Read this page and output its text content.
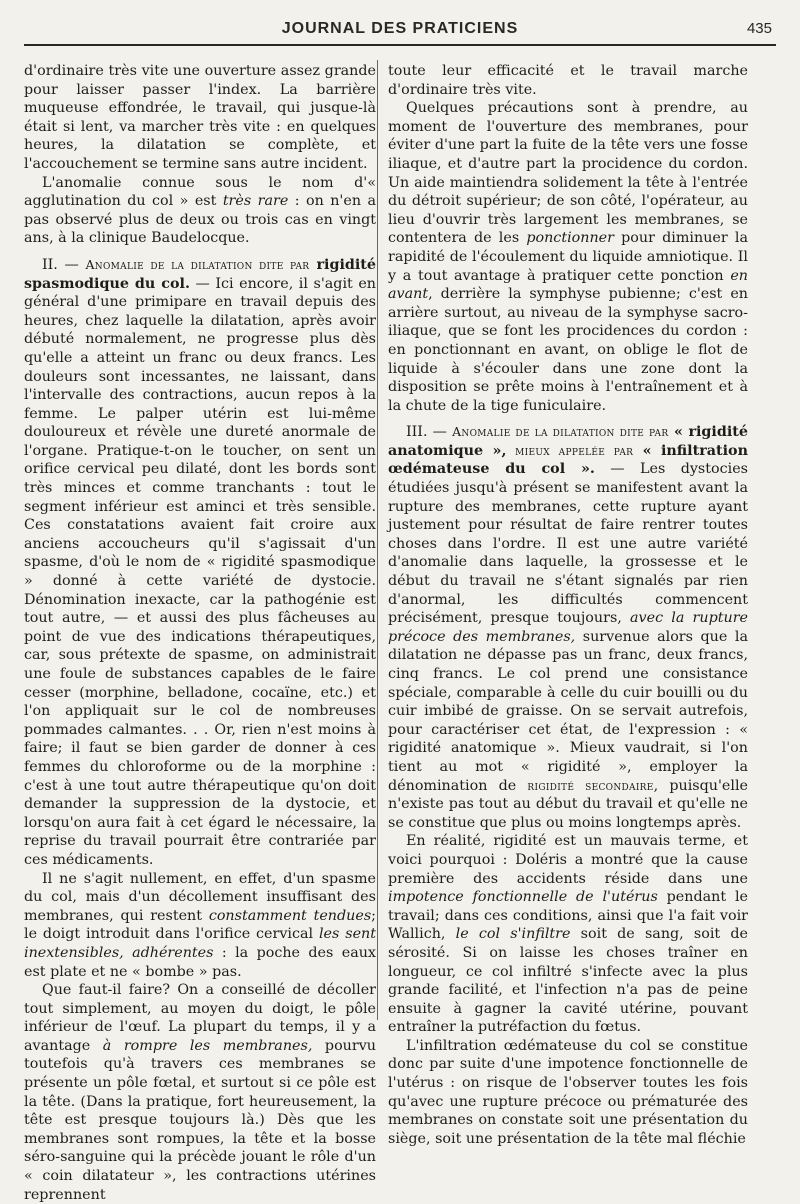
JOURNAL DES PRATICIENS	435

d'ordinaire très vite une ouverture assez grande pour laisser passer l'index. La barrière muqueuse effondrée, le travail, qui jusque-là était si lent, va marcher très vite : en quelques heures, la dilatation se complète, et l'accouchement se termine sans autre incident.

L'anomalie connue sous le nom d'« agglutination du col » est très rare : on n'en a pas observé plus de deux ou trois cas en vingt ans, à la clinique Baudelocque.

II. — Anomalie de la dilatation dite par rigidité spasmodique du col. — Ici encore, il s'agit en général d'une primipare en travail depuis des heures, chez laquelle la dilatation, après avoir débuté normalement, ne progresse plus dès qu'elle a atteint un franc ou deux francs. Les douleurs sont incessantes, ne laissant, dans l'intervalle des contractions, aucun repos à la femme. Le palper utérin est lui-même douloureux et révèle une dureté anormale de l'organe. Pratique-t-on le toucher, on sent un orifice cervical peu dilaté, dont les bords sont très minces et comme tranchants : tout le segment inférieur est aminci et très sensible. Ces constatations avaient fait croire aux anciens accoucheurs qu'il s'agissait d'un spasme, d'où le nom de « rigidité spasmodique » donné à cette variété de dystocie. Dénomination inexacte, car la pathogénie est tout autre, — et aussi des plus fâcheuses au point de vue des indications thérapeutiques, car, sous prétexte de spasme, on administrait une foule de substances capables de le faire cesser (morphine, belladone, cocaïne, etc.) et l'on appliquait sur le col de nombreuses pommades calmantes. . . Or, rien n'est moins à faire; il faut se bien garder de donner à ces femmes du chloroforme ou de la morphine : c'est à une tout autre thérapeutique qu'on doit demander la suppression de la dystocie, et lorsqu'on aura fait à cet égard le nécessaire, la reprise du travail pourrait être contrariée par ces médicaments.

Il ne s'agit nullement, en effet, d'un spasme du col, mais d'un décollement insuffisant des membranes, qui restent constamment tendues; le doigt introduit dans l'orifice cervical les sent inextensibles, adhérentes : la poche des eaux est plate et ne « bombe » pas.

Que faut-il faire? On a conseillé de décoller tout simplement, au moyen du doigt, le pôle inférieur de l'œuf. La plupart du temps, il y a avantage à rompre les membranes, pourvu toutefois qu'à travers ces membranes se présente un pôle fœtal, et surtout si ce pôle est la tête. (Dans la pratique, fort heureusement, la tête est presque toujours là.) Dès que les membranes sont rompues, la tête et la bosse séro-sanguine qui la précède jouant le rôle d'un « coin dilatateur », les contractions utérines reprennent

toute leur efficacité et le travail marche d'ordinaire très vite.

Quelques précautions sont à prendre, au moment de l'ouverture des membranes, pour éviter d'une part la fuite de la tête vers une fosse iliaque, et d'autre part la procidence du cordon. Un aide maintiendra solidement la tête à l'entrée du détroit supérieur; de son côté, l'opérateur, au lieu d'ouvrir très largement les membranes, se contentera de les ponctionner pour diminuer la rapidité de l'écoulement du liquide amniotique. Il y a tout avantage à pratiquer cette ponction en avant, derrière la symphyse pubienne; c'est en arrière surtout, au niveau de la symphyse sacro-iliaque, que se font les procidences du cordon : en ponctionnant en avant, on oblige le flot de liquide à s'écouler dans une zone dont la disposition se prête moins à l'entraînement et à la chute de la tige funiculaire.

III. — Anomalie de la dilatation dite par « rigidité anatomique », mieux appelée par « infiltration œdémateuse du col ». — Les dystocies étudiées jusqu'à présent se manifestent avant la rupture des membranes, cette rupture ayant justement pour résultat de faire rentrer toutes choses dans l'ordre. Il est une autre variété d'anomalie dans laquelle, la grossesse et le début du travail ne s'étant signalés par rien d'anormal, les difficultés commencent précisément, presque toujours, avec la rupture précoce des membranes, survenue alors que la dilatation ne dépasse pas un franc, deux francs, cinq francs. Le col prend une consistance spéciale, comparable à celle du cuir bouilli ou du cuir imbibé de graisse. On se servait autrefois, pour caractériser cet état, de l'expression : « rigidité anatomique ». Mieux vaudrait, si l'on tient au mot « rigidité », employer la dénomination de rigidité secondaire, puisqu'elle n'existe pas tout au début du travail et qu'elle ne se constitue que plus ou moins longtemps après.

En réalité, rigidité est un mauvais terme, et voici pourquoi : Doléris a montré que la cause première des accidents réside dans une impotence fonctionnelle de l'utérus pendant le travail; dans ces conditions, ainsi que l'a fait voir Wallich, le col s'infiltre soit de sang, soit de sérosité. Si on laisse les choses traîner en longueur, ce col infiltré s'infecte avec la plus grande facilité, et l'infection n'a pas de peine ensuite à gagner la cavité utérine, pouvant entraîner la putréfaction du fœtus.

L'infiltration œdémateuse du col se constitue donc par suite d'une impotence fonctionnelle de l'utérus : on risque de l'observer toutes les fois qu'avec une rupture précoce ou prématurée des membranes on constate soit une présentation du siège, soit une présentation de la tête mal fléchie
